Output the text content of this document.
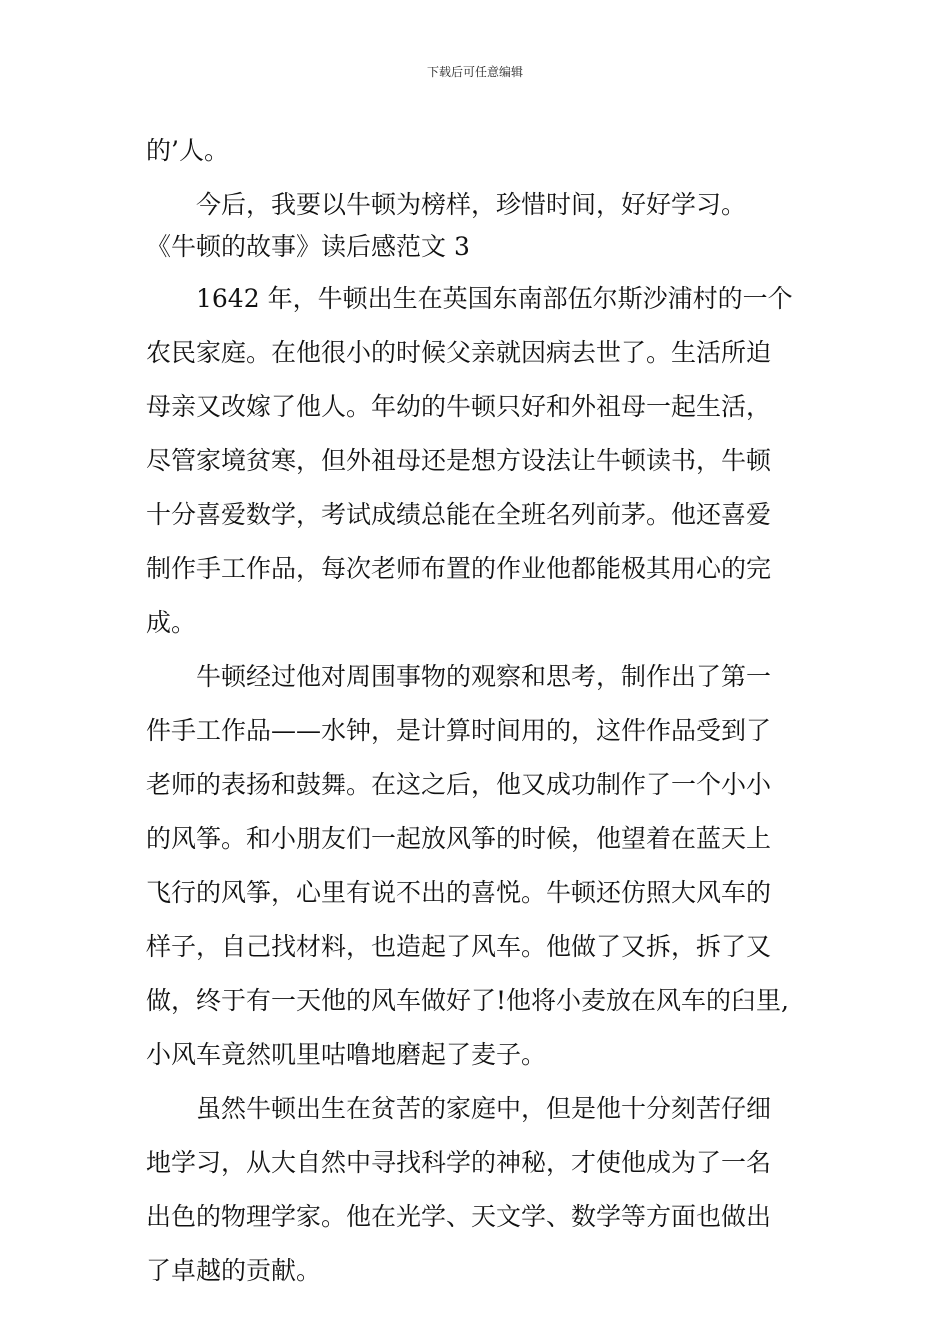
下载后可任意编辑

的’人。

今后，我要以牛顿为榜样，珍惜时间，好好学习。

《牛顿的故事》读后感范文 3

1642 年，牛顿出生在英国东南部伍尔斯沙浦村的一个

农民家庭。在他很小的时候父亲就因病去世了。生活所迫

母亲又改嫁了他人。年幼的牛顿只好和外祖母一起生活，

尽管家境贫寒，但外祖母还是想方设法让牛顿读书，牛顿

十分喜爱数学，考试成绩总能在全班名列前茅。他还喜爱

制作手工作品，每次老师布置的作业他都能极其用心的完

成。

牛顿经过他对周围事物的观察和思考，制作出了第一

件手工作品——水钟，是计算时间用的，这件作品受到了

老师的表扬和鼓舞。在这之后，他又成功制作了一个小小

的风筝。和小朋友们一起放风筝的时候，他望着在蓝天上

飞行的风筝，心里有说不出的喜悦。牛顿还仿照大风车的

样子，自己找材料，也造起了风车。他做了又拆，拆了又

做，终于有一天他的风车做好了!他将小麦放在风车的臼里,

小风车竟然叽里咕噜地磨起了麦子。

虽然牛顿出生在贫苦的家庭中，但是他十分刻苦仔细

地学习，从大自然中寻找科学的神秘，才使他成为了一名

出色的物理学家。他在光学、天文学、数学等方面也做出

了卓越的贡献。
